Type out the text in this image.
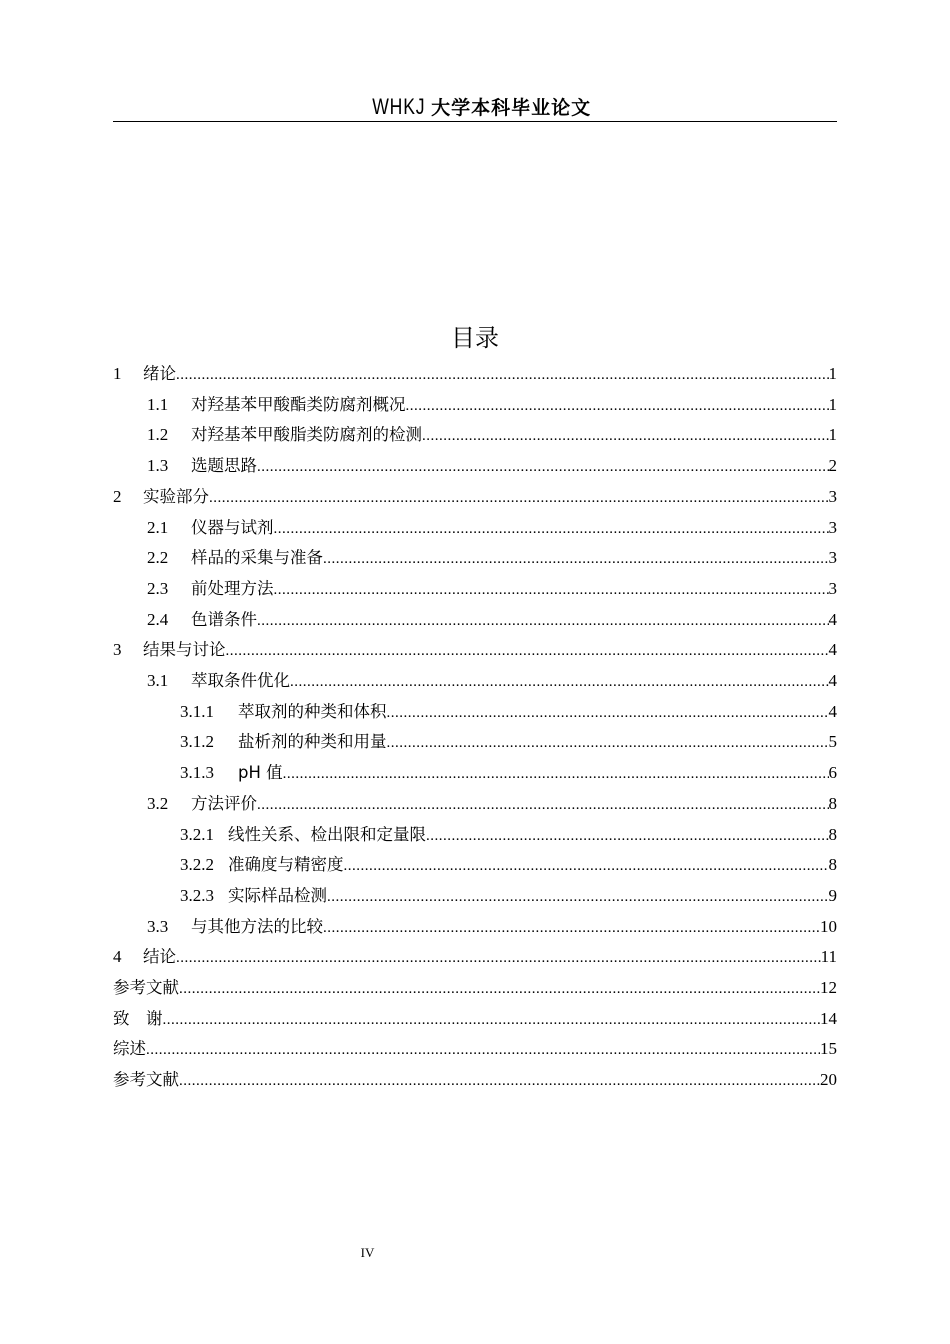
WHKJ 大学本科毕业论文
目录
1	绪论 .....	1
1.1	对羟基苯甲酸酯类防腐剂概况 .....	1
1.2	对羟基苯甲酸脂类防腐剂的检测 .....	1
1.3	选题思路 .....	2
2	实验部分 .....	3
2.1	仪器与试剂 .....	3
2.2	样品的采集与准备 .....	3
2.3	前处理方法 .....	3
2.4	色谱条件 .....	4
3	结果与讨论 .....	4
3.1	萃取条件优化 .....	4
3.1.1	萃取剂的种类和体积 .....	4
3.1.2	盐析剂的种类和用量 .....	5
3.1.3	pH 值 .....	6
3.2	方法评价 .....	8
3.2.1 线性关系、检出限和定量限 .....	8
3.2.2 准确度与精密度 .....	8
3.2.3 实际样品检测 .....	9
3.3	与其他方法的比较 .....	10
4	结论 .....	11
参考文献 .....	12
致　谢 .....	14
综述 .....	15
参考文献 .....	20
IV
